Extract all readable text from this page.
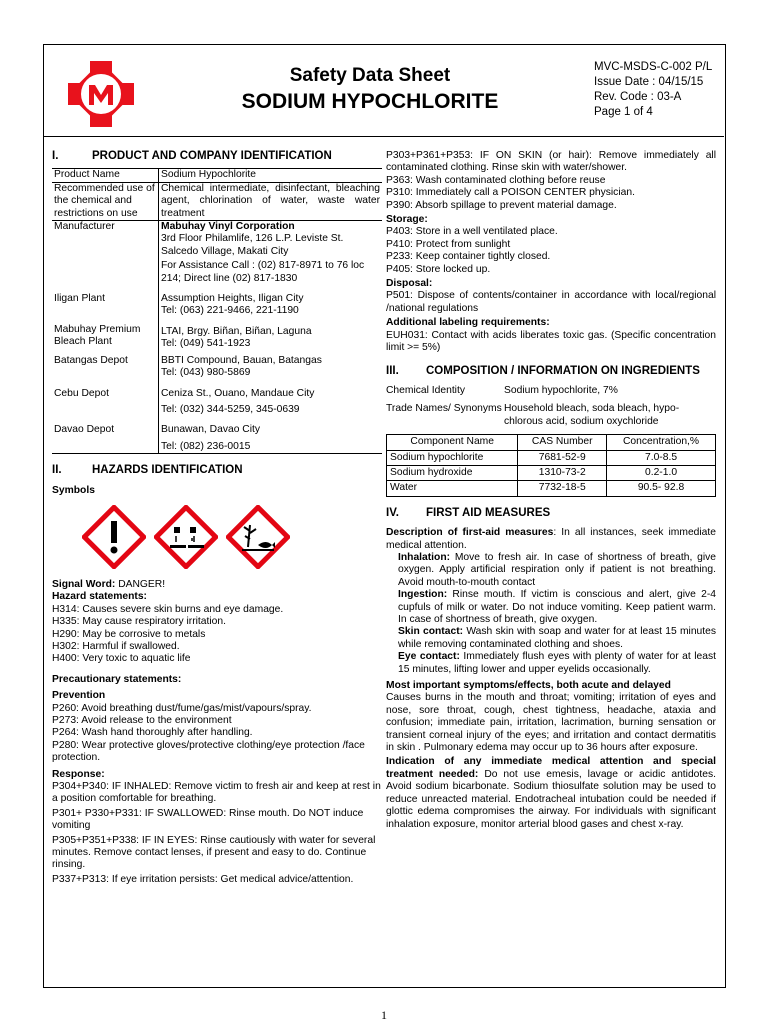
Safety Data Sheet
SODIUM HYPOCHLORITE
MVC-MSDS-C-002 P/L
Issue Date : 04/15/15
Rev. Code : 03-A
Page 1 of 4
I.	PRODUCT AND COMPANY IDENTIFICATION
Product Name	Sodium Hypochlorite
Recommended use of the chemical and restrictions on use	Chemical intermediate, disinfectant, bleaching agent, chlorination of water, waste water treatment
Manufacturer	Mabuhay Vinyl Corporation
3rd Floor Philamlife, 126 L.P. Leviste St. Salcedo Village, Makati City
For Assistance Call : (02) 817-8971 to 76 loc 214; Direct line (02) 817-1830

Iligan Plant	Assumption Heights, Iligan City
Tel: (063) 221-9466, 221-1190

Mabuhay Premium Bleach Plant	LTAI, Brgy. Biñan, Biñan, Laguna
Tel: (049) 541-1923

Batangas Depot	BBTI Compound, Bauan, Batangas
Tel: (043) 980-5869

Cebu Depot	Ceniza St., Ouano, Mandaue City
Tel: (032) 344-5259, 345-0639

Davao Depot	Bunawan, Davao City
Tel: (082) 236-0015
II.	HAZARDS IDENTIFICATION

Symbols

Signal Word: DANGER!

Hazard statements:

H314: Causes severe skin burns and eye damage.

H335: May cause respiratory irritation.

H290: May be corrosive to metals

H302: Harmful if swallowed.

H400: Very toxic to aquatic life

Precautionary statements:

Prevention

P260: Avoid breathing dust/fume/gas/mist/vapours/spray.

P273: Avoid release to the environment

P264: Wash hand thoroughly after handling.

P280: Wear protective gloves/protective clothing/eye protection /face protection.

Response:

P304+P340: IF INHALED: Remove victim to fresh air and keep at rest in a position comfortable for breathing.

P301+ P330+P331: IF SWALLOWED: Rinse mouth. Do NOT induce vomiting

P305+P351+P338: IF IN EYES: Rinse cautiously with water for several minutes. Remove contact lenses, if present and easy to do. Continue rinsing.

P337+P313: If eye irritation persists: Get medical advice/attention.

P303+P361+P353: IF ON SKIN (or hair): Remove immediately all contaminated clothing. Rinse skin with water/shower.

P363: Wash contaminated clothing before reuse

P310: Immediately call a POISON CENTER physician.

P390: Absorb spillage to prevent material damage.

Storage:

P403: Store in a well ventilated place.

P410: Protect from sunlight

P233: Keep container tightly closed.

P405: Store locked up.

Disposal:

P501: Dispose of contents/container in accordance with local/regional /national regulations

Additional labeling requirements:

EUH031: Contact with acids liberates toxic gas. (Specific concentration limit >= 5%)

III.	COMPOSITION / INFORMATION ON INGREDIENTS
Chemical Identity	Sodium hypochlorite, 7%
Trade Names/ Synonyms Household bleach, soda bleach, hypo-chlorous acid, sodium oxychloride
Component Name	CAS Number	Concentration,%
Sodium hypochlorite	7681-52-9	7.0-8.5
Sodium hydroxide	1310-73-2	0.2-1.0
Water	7732-18-5	90.5- 92.8
IV.	FIRST AID MEASURES

Description of first-aid measures: In all instances, seek immediate medical attention.

Inhalation: Move to fresh air. In case of shortness of breath, give oxygen. Apply artificial respiration only if patient is not breathing. Avoid mouth-to-mouth contact

Ingestion: Rinse mouth. If victim is conscious and alert, give 2-4 cupfuls of milk or water. Do not induce vomiting. Keep patient warm. In case of shortness of breath, give oxygen.

Skin contact: Wash skin with soap and water for at least 15 minutes while removing contaminated clothing and shoes.

Eye contact: Immediately flush eyes with plenty of water for at least 15 minutes, lifting lower and upper eyelids occasionally.

Most important symptoms/effects, both acute and delayed

Causes burns in the mouth and throat; vomiting; irritation of eyes and nose, sore throat, cough, chest tightness, headache, ataxia and confusion; immediate pain, irritation, lacrimation, burning sensation or transient corneal injury of the eyes; and irritation and contact dermatitis in skin . Pulmonary edema may occur up to 36 hours after exposure.

Indication of any immediate medical attention and special treatment needed: Do not use emesis, lavage or acidic antidotes. Avoid sodium bicarbonate. Sodium thiosulfate solution may be used to reduce unreacted material. Endotracheal intubation could be needed if glottic edema compromises the airway. For individuals with significant inhalation exposure, monitor arterial blood gases and chest x-ray.

1
